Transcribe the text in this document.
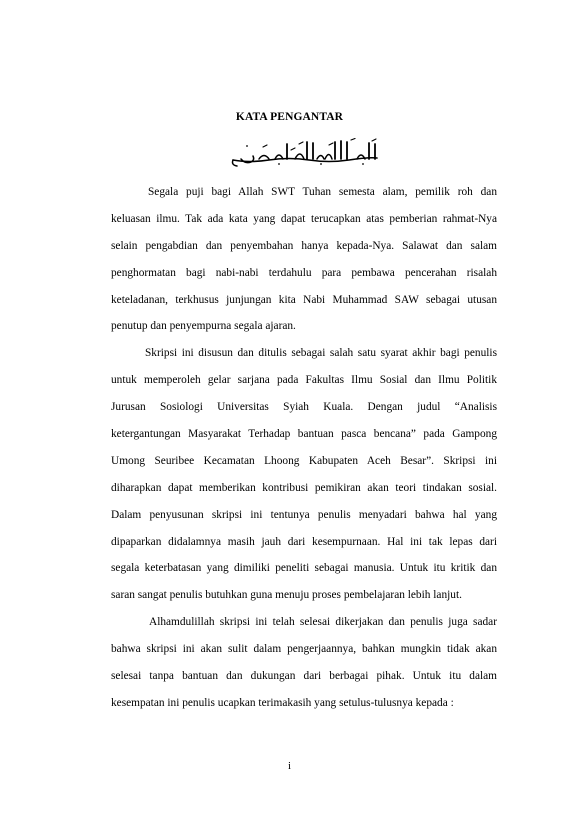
KATA PENGANTAR
Segala puji bagi Allah SWT Tuhan semesta alam, pemilik roh dan
keluasan ilmu. Tak ada kata yang dapat terucapkan atas pemberian rahmat-Nya
selain pengabdian dan penyembahan hanya kepada-Nya. Salawat dan salam
penghormatan bagi nabi-nabi terdahulu para pembawa pencerahan risalah
keteladanan, terkhusus junjungan kita Nabi Muhammad SAW sebagai utusan
penutup dan penyempurna segala ajaran.
Skripsi ini disusun dan ditulis sebagai salah satu syarat akhir bagi penulis
untuk memperoleh gelar sarjana pada Fakultas Ilmu Sosial dan Ilmu Politik
Jurusan Sosiologi Universitas Syiah Kuala. Dengan judul “Analisis
ketergantungan Masyarakat Terhadap bantuan pasca bencana” pada Gampong
Umong Seuribee Kecamatan Lhoong Kabupaten Aceh Besar”. Skripsi ini
diharapkan dapat memberikan kontribusi pemikiran akan teori tindakan sosial.
Dalam penyusunan skripsi ini tentunya penulis menyadari bahwa hal yang
dipaparkan didalamnya masih jauh dari kesempurnaan. Hal ini tak lepas dari
segala keterbatasan yang dimiliki peneliti sebagai manusia. Untuk itu kritik dan
saran sangat penulis butuhkan guna menuju proses pembelajaran lebih lanjut.
Alhamdulillah skripsi ini telah selesai dikerjakan dan penulis juga sadar
bahwa skripsi ini akan sulit dalam pengerjaannya, bahkan mungkin tidak akan
selesai tanpa bantuan dan dukungan dari berbagai pihak. Untuk itu dalam
kesempatan ini penulis ucapkan terimakasih yang setulus-tulusnya kepada :
i
